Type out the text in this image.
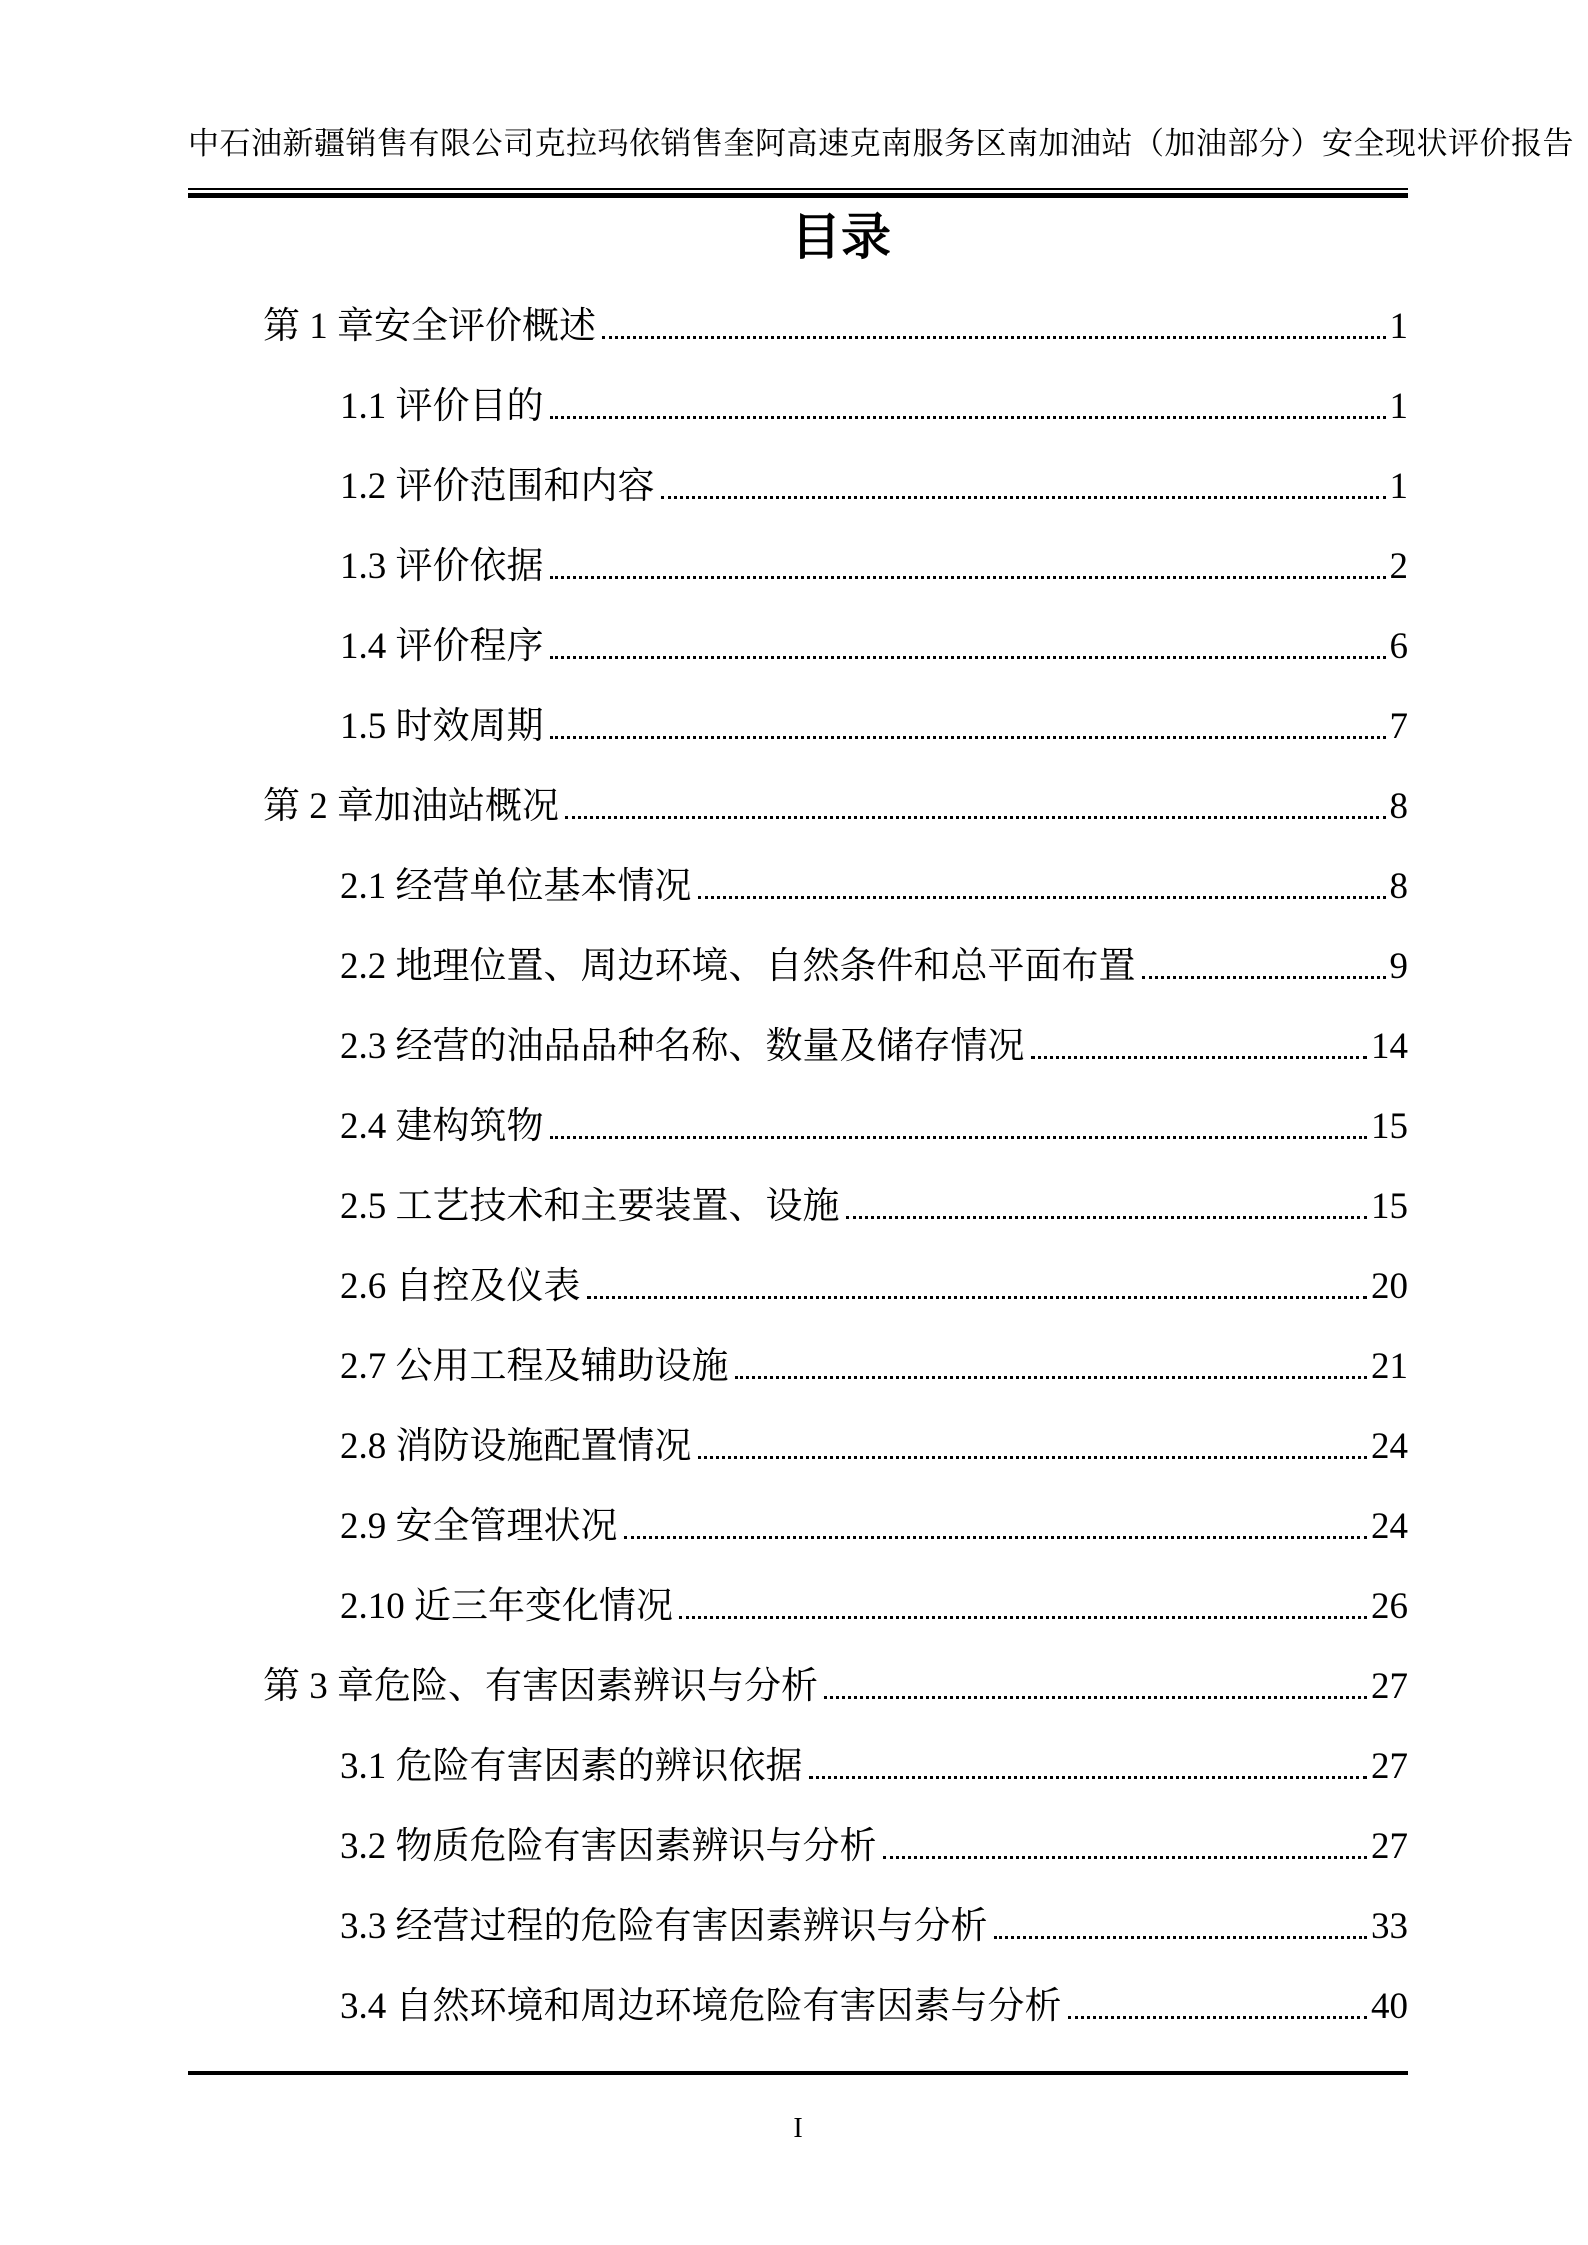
中石油新疆销售有限公司克拉玛依销售奎阿高速克南服务区南加油站（加油部分）安全现状评价报告
目录
第 1 章安全评价概述	1
1.1 评价目的	1
1.2 评价范围和内容	1
1.3 评价依据	2
1.4 评价程序	6
1.5 时效周期	7
第 2 章加油站概况	8
2.1 经营单位基本情况	8
2.2 地理位置、周边环境、自然条件和总平面布置	9
2.3 经营的油品品种名称、数量及储存情况	14
2.4 建构筑物	15
2.5 工艺技术和主要装置、设施	15
2.6 自控及仪表	20
2.7 公用工程及辅助设施	21
2.8 消防设施配置情况	24
2.9 安全管理状况	24
2.10 近三年变化情况	26
第 3 章危险、有害因素辨识与分析	27
3.1 危险有害因素的辨识依据	27
3.2 物质危险有害因素辨识与分析	27
3.3 经营过程的危险有害因素辨识与分析	33
3.4 自然环境和周边环境危险有害因素与分析	40
I
